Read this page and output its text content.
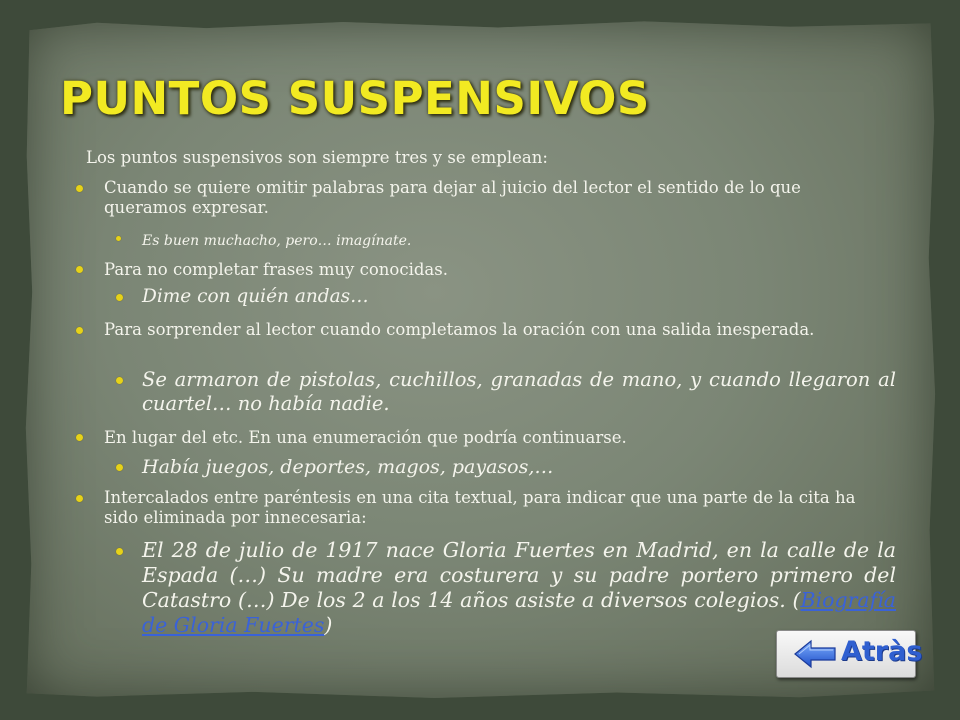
PUNTOS SUSPENSIVOS

Los puntos suspensivos son siempre tres y se emplean:

Cuando se quiere omitir palabras para dejar al juicio del lector el sentido de lo que queramos expresar.
Es buen muchacho, pero… imagínate.
Para no completar frases muy conocidas.
Dime con quién andas…
Para sorprender al lector cuando completamos la oración con una salida inesperada.
Se armaron de pistolas, cuchillos, granadas de mano, y cuando llegaron al cuartel… no había nadie.
En lugar del etc. En una enumeración que podría continuarse.
Había juegos, deportes, magos, payasos,…
Intercalados entre paréntesis en una cita textual, para indicar que una parte de la cita ha sido eliminada por innecesaria:
El 28 de julio de 1917 nace Gloria Fuertes en Madrid, en la calle de la Espada (…) Su madre era costurera y su padre portero primero del Catastro (…) De los 2 a los 14 años asiste a diversos colegios. (Biografía de Gloria Fuertes)
Atràs
